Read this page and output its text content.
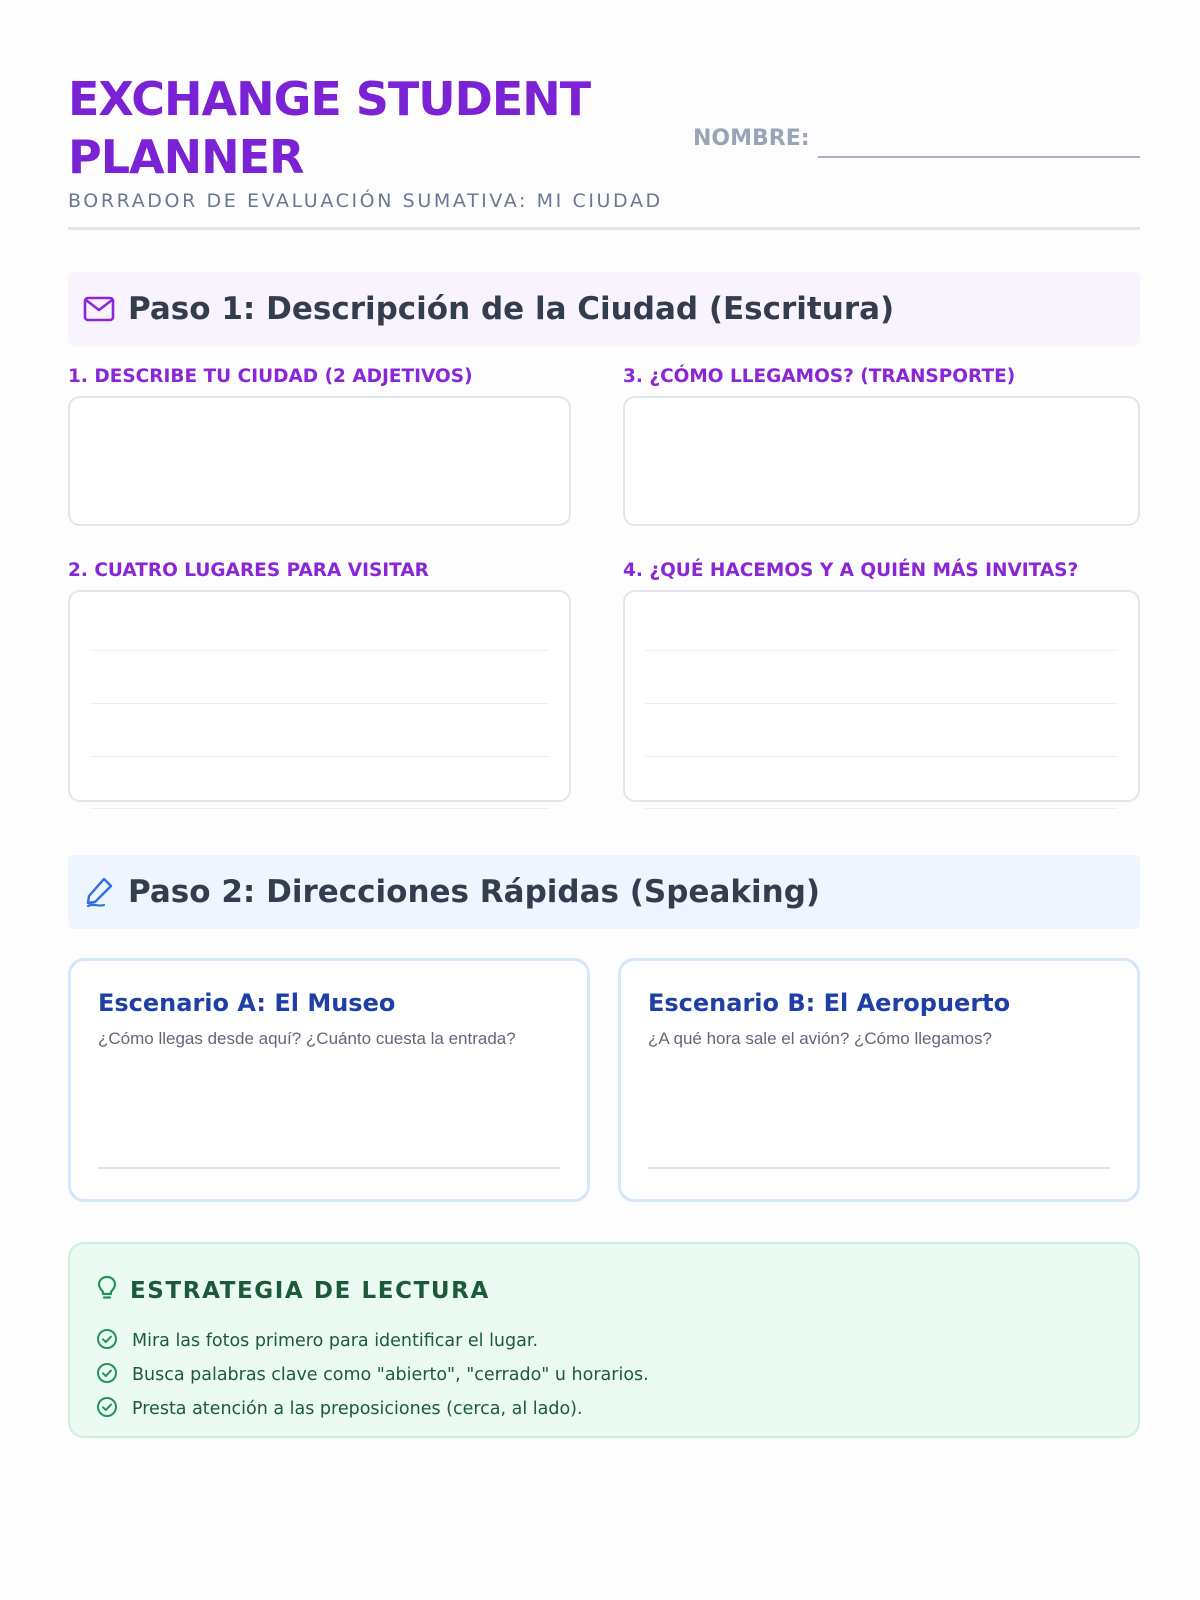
EXCHANGE STUDENT PLANNER
BORRADOR DE EVALUACIÓN SUMATIVA: MI CIUDAD
NOMBRE:
Paso 1: Descripción de la Ciudad (Escritura)
1. DESCRIBE TU CIUDAD (2 ADJETIVOS)	3. ¿CÓMO LLEGAMOS? (TRANSPORTE)
2. CUATRO LUGARES PARA VISITAR	4. ¿QUÉ HACEMOS Y A QUIÉN MÁS INVITAS?
Paso 2: Direcciones Rápidas (Speaking)
Escenario A: El Museo
¿Cómo llegas desde aquí? ¿Cuánto cuesta la entrada?
Escenario B: El Aeropuerto
¿A qué hora sale el avión? ¿Cómo llegamos?
ESTRATEGIA DE LECTURA
Mira las fotos primero para identificar el lugar.
Busca palabras clave como "abierto", "cerrado" u horarios.
Presta atención a las preposiciones (cerca, al lado).
